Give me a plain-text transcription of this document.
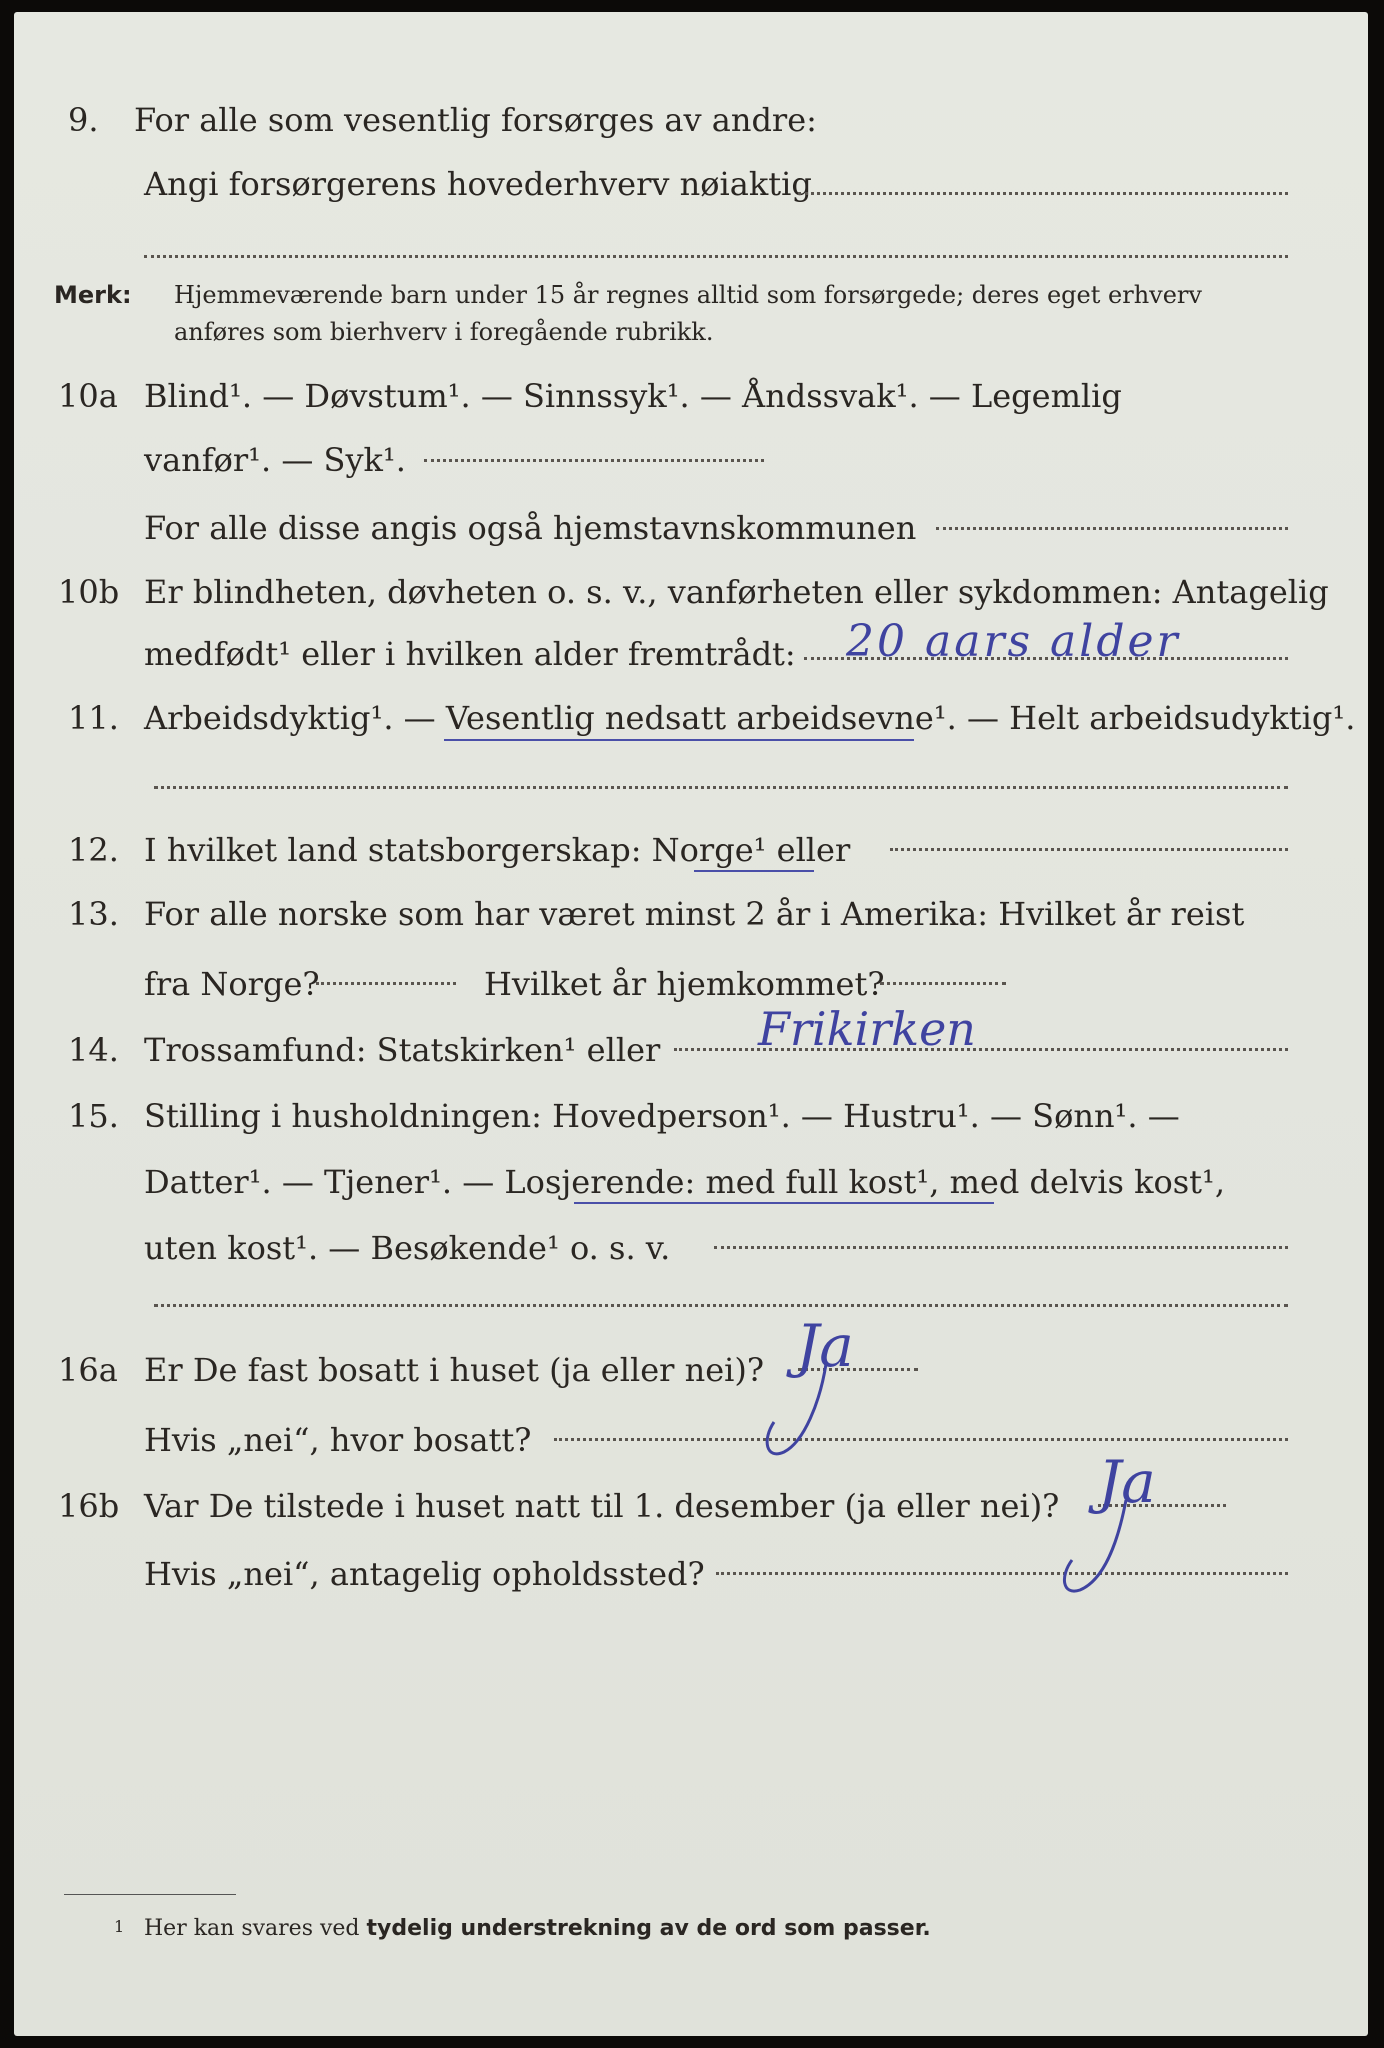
9. For alle som vesentlig forsørges av andre:
Angi forsørgerens hovederhverv nøiaktig
Merk: Hjemmeværende barn under 15 år regnes alltid som forsørgede; deres eget erhverv
anføres som bierhverv i foregående rubrikk.
10a Blind¹. — Døvstum¹. — Sinnssyk¹. — Åndssvak¹. — Legemlig
vanfør¹. — Syk¹.
For alle disse angis også hjemstavnskommunen
10b Er blindheten, døvheten o. s. v., vanførheten eller sykdommen: Antagelig
medfødt¹ eller i hvilken alder fremtrådt: 20 aars alder
11. Arbeidsdyktig¹. — Vesentlig nedsatt arbeidsevne¹. — Helt arbeidsudyktig¹.
12. I hvilket land statsborgerskap: Norge¹ eller
13. For alle norske som har været minst 2 år i Amerika: Hvilket år reist
fra Norge?	Hvilket år hjemkommet?
14. Trossamfund: Statskirken¹ eller Frikirken
15. Stilling i husholdningen: Hovedperson¹. — Hustru¹. — Sønn¹. —
Datter¹. — Tjener¹. — Losjerende: med full kost¹, med delvis kost¹,
uten kost¹. — Besøkende¹ o. s. v.
16a Er De fast bosatt i huset (ja eller nei)? Ja
Hvis „nei“, hvor bosatt?
16b Var De tilstede i huset natt til 1. desember (ja eller nei)? Ja
Hvis „nei“, antagelig opholdssted?
1 Her kan svares ved tydelig understrekning av de ord som passer.
